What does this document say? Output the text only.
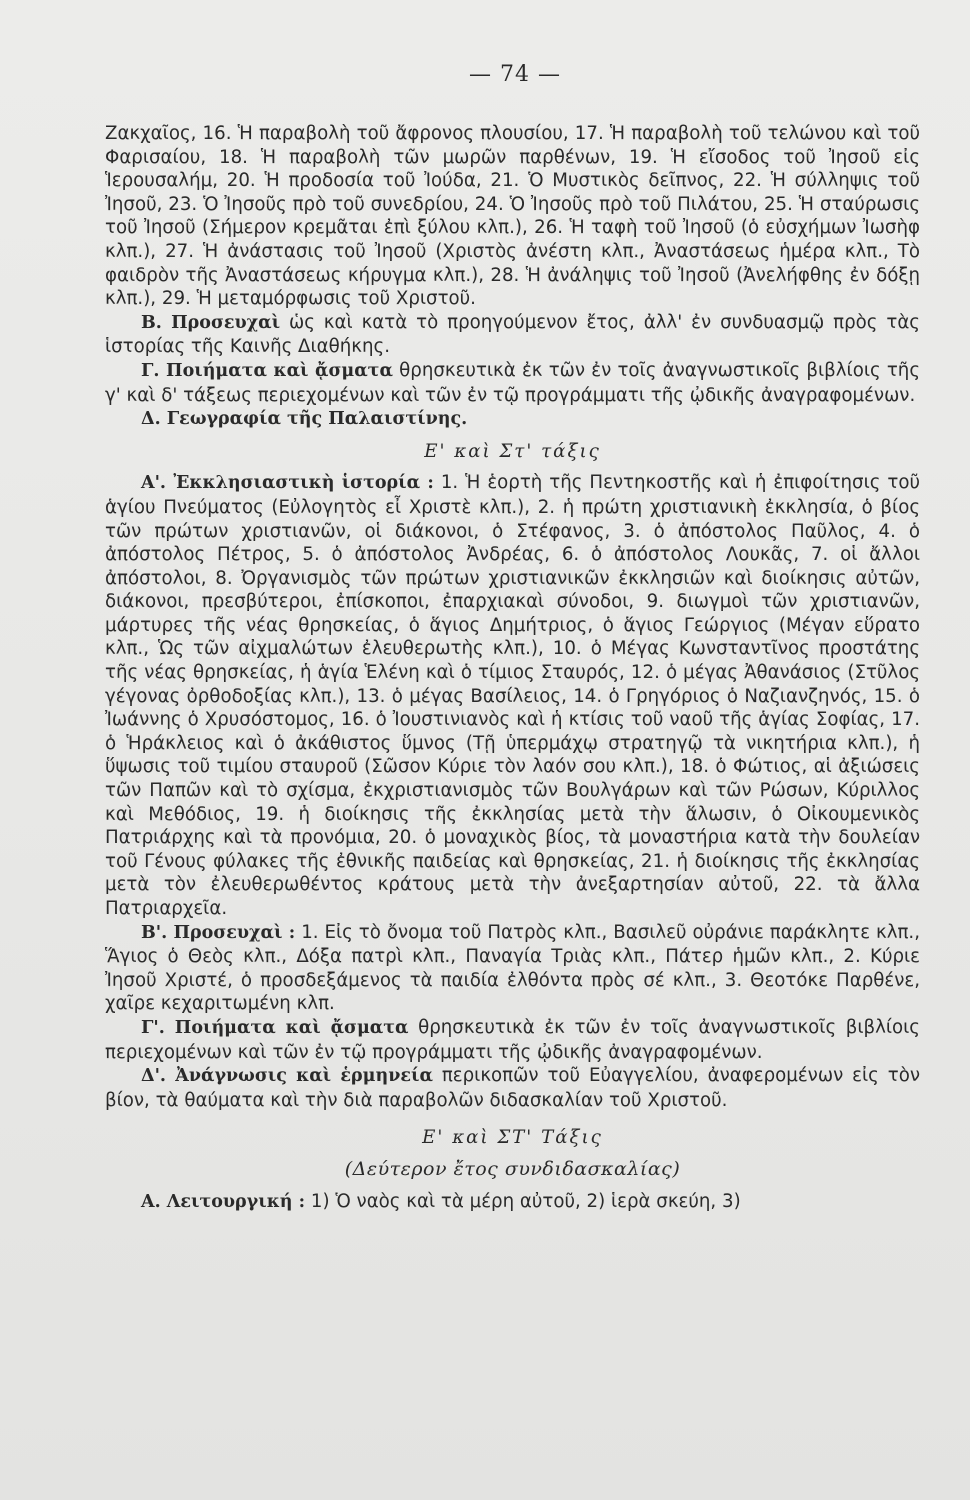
— 74 —

Ζακχαῖος, 16. Ἡ παραβολὴ τοῦ ἄφρονος πλουσίου, 17. Ἡ παραβολὴ τοῦ τελώνου καὶ τοῦ Φαρισαίου, 18. Ἡ παραβολὴ τῶν μωρῶν παρθένων, 19. Ἡ εἴσοδος τοῦ Ἰησοῦ εἰς Ἱερουσαλήμ, 20. Ἡ προδοσία τοῦ Ἰούδα, 21. Ὁ Μυστικὸς δεῖπνος, 22. Ἡ σύλληψις τοῦ Ἰησοῦ, 23. Ὁ Ἰησοῦς πρὸ τοῦ συνεδρίου, 24. Ὁ Ἰησοῦς πρὸ τοῦ Πιλάτου, 25. Ἡ σταύρωσις τοῦ Ἰησοῦ (Σήμερον κρεμᾶται ἐπὶ ξύλου κλπ.), 26. Ἡ ταφὴ τοῦ Ἰησοῦ (ὁ εὐσχήμων Ἰωσὴφ κλπ.), 27. Ἡ ἀνάστασις τοῦ Ἰησοῦ (Χριστὸς ἀνέστη κλπ., Ἀναστάσεως ἡμέρα κλπ., Τὸ φαιδρὸν τῆς Ἀναστάσεως κήρυγμα κλπ.), 28. Ἡ ἀνάληψις τοῦ Ἰησοῦ (Ἀνελήφθης ἐν δόξῃ κλπ.), 29. Ἡ μεταμόρφωσις τοῦ Χριστοῦ.

Β. Προσευχαὶ ὡς καὶ κατὰ τὸ προηγούμενον ἔτος, ἀλλ' ἐν συνδυασμῷ πρὸς τὰς ἱστορίας τῆς Καινῆς Διαθήκης.

Γ. Ποιήματα καὶ ᾄσματα θρησκευτικὰ ἐκ τῶν ἐν τοῖς ἀναγνωστικοῖς βιβλίοις τῆς γ' καὶ δ' τάξεως περιεχομένων καὶ τῶν ἐν τῷ προγράμματι τῆς ᾠδικῆς ἀναγραφομένων.

Δ. Γεωγραφία τῆς Παλαιστίνης.

Ε' καὶ Στ' τάξις

Α'. Ἐκκλησιαστικὴ ἱστορία : 1. Ἡ ἑορτὴ τῆς Πεντηκοστῆς καὶ ἡ ἐπιφοίτησις τοῦ ἁγίου Πνεύματος (Εὐλογητὸς εἶ Χριστὲ κλπ.), 2. ἡ πρώτη χριστιανικὴ ἐκκλησία, ὁ βίος τῶν πρώτων χριστιανῶν, οἱ διάκονοι, ὁ Στέφανος, 3. ὁ ἀπόστολος Παῦλος, 4. ὁ ἀπόστολος Πέτρος, 5. ὁ ἀπόστολος Ἀνδρέας, 6. ὁ ἀπόστολος Λουκᾶς, 7. οἱ ἄλλοι ἀπόστολοι, 8. Ὀργανισμὸς τῶν πρώτων χριστιανικῶν ἐκκλησιῶν καὶ διοίκησις αὐτῶν, διάκονοι, πρεσβύτεροι, ἐπίσκοποι, ἐπαρχιακαὶ σύνοδοι, 9. διωγμοὶ τῶν χριστιανῶν, μάρτυρες τῆς νέας θρησκείας, ὁ ἅγιος Δημήτριος, ὁ ἅγιος Γεώργιος (Μέγαν εὕρατο κλπ., Ὡς τῶν αἰχμαλώτων ἐλευθερωτὴς κλπ.), 10. ὁ Μέγας Κωνσταντῖνος προστάτης τῆς νέας θρησκείας, ἡ ἁγία Ἑλένη καὶ ὁ τίμιος Σταυρός, 12. ὁ μέγας Ἀθανάσιος (Στῦλος γέγονας ὀρθοδοξίας κλπ.), 13. ὁ μέγας Βασίλειος, 14. ὁ Γρηγόριος ὁ Ναζιανζηνός, 15. ὁ Ἰωάννης ὁ Χρυσόστομος, 16. ὁ Ἰουστινιανὸς καὶ ἡ κτίσις τοῦ ναοῦ τῆς ἁγίας Σοφίας, 17. ὁ Ἡράκλειος καὶ ὁ ἀκάθιστος ὕμνος (Τῇ ὑπερμάχῳ στρατηγῷ τὰ νικητήρια κλπ.), ἡ ὕψωσις τοῦ τιμίου σταυροῦ (Σῶσον Κύριε τὸν λαόν σου κλπ.), 18. ὁ Φώτιος, αἱ ἀξιώσεις τῶν Παπῶν καὶ τὸ σχίσμα, ἐκχριστιανισμὸς τῶν Βουλγάρων καὶ τῶν Ρώσων, Κύριλλος καὶ Μεθόδιος, 19. ἡ διοίκησις τῆς ἐκκλησίας μετὰ τὴν ἅλωσιν, ὁ Οἰκουμενικὸς Πατριάρχης καὶ τὰ προνόμια, 20. ὁ μοναχικὸς βίος, τὰ μοναστήρια κατὰ τὴν δουλείαν τοῦ Γένους φύλακες τῆς ἐθνικῆς παιδείας καὶ θρησκείας, 21. ἡ διοίκησις τῆς ἐκκλησίας μετὰ τὸν ἐλευθερωθέντος κράτους μετὰ τὴν ἀνεξαρτησίαν αὐτοῦ, 22. τὰ ἄλλα Πατριαρχεῖα.

Β'. Προσευχαὶ : 1. Εἰς τὸ ὄνομα τοῦ Πατρὸς κλπ., Βασιλεῦ οὐράνιε παράκλητε κλπ., Ἅγιος ὁ Θεὸς κλπ., Δόξα πατρὶ κλπ., Παναγία Τριὰς κλπ., Πάτερ ἡμῶν κλπ., 2. Κύριε Ἰησοῦ Χριστέ, ὁ προσδεξάμενος τὰ παιδία ἐλθόντα πρὸς σέ κλπ., 3. Θεοτόκε Παρθένε, χαῖρε κεχαριτωμένη κλπ.

Γ'. Ποιήματα καὶ ᾄσματα θρησκευτικὰ ἐκ τῶν ἐν τοῖς ἀναγνωστικοῖς βιβλίοις περιεχομένων καὶ τῶν ἐν τῷ προγράμματι τῆς ᾠδικῆς ἀναγραφομένων.

Δ'. Ἀνάγνωσις καὶ ἑρμηνεία περικοπῶν τοῦ Εὐαγγελίου, ἀναφερομένων εἰς τὸν βίον, τὰ θαύματα καὶ τὴν διὰ παραβολῶν διδασκαλίαν τοῦ Χριστοῦ.

Ε' καὶ ΣΤ' Τάξις

(Δεύτερον ἔτος συνδιδασκαλίας)

Α. Λειτουργική : 1) Ὁ ναὸς καὶ τὰ μέρη αὐτοῦ, 2) ἱερὰ σκεύη, 3)
